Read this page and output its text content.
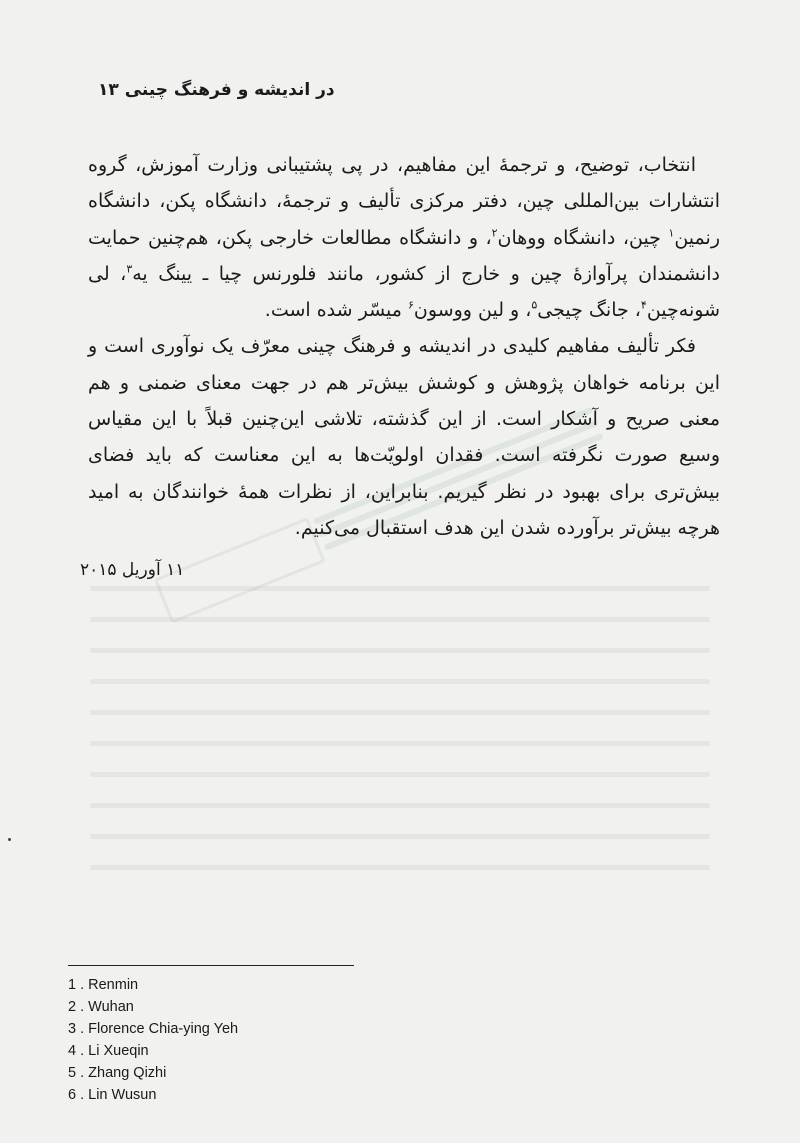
در اندیشه و فرهنگ چینی ۱۳

انتخاب، توضیح، و ترجمهٔ این مفاهیم، در پی پشتیبانی وزارت آموزش، گروه انتشارات بین‌المللی چین، دفتر مرکزی تألیف و ترجمهٔ، دانشگاه پکن، دانشگاه رنمین$^۱$ چین، دانشگاه ووهان$^۲$، و دانشگاه مطالعات خارجی پکن، هم‌چنین حمایت دانشمندان پرآوازهٔ چین و خارج از کشور، مانند فلورنس چیا ـ یینگ یه$^۳$، لی شونه‌چین$^۴$، جانگ چیجی$^۵$، و لین ووسون$^۶$ میسّر شده است.

فکر تألیف مفاهیم کلیدی در اندیشه و فرهنگ چینی معرّف یک نوآوری است و این برنامه خواهان پژوهش و کوشش بیش‌تر هم در جهت معنای ضمنی و هم معنی صریح و آشکار است. از این گذشته، تلاشی این‌چنین قبلاً با این مقیاس وسیع صورت نگرفته است. فقدان اولویّت‌ها به این معناست که باید فضای بیش‌تری برای بهبود در نظر گیریم. بنابراین، از نظرات همهٔ خوانندگان به امید هرچه بیش‌تر برآورده شدن این هدف استقبال می‌کنیم.

۱۱ آوریل ۲۰۱۵
1 . Renmin
2 . Wuhan
3 . Florence Chia-ying Yeh
4 . Li Xueqin
5 . Zhang Qizhi
6 . Lin Wusun
